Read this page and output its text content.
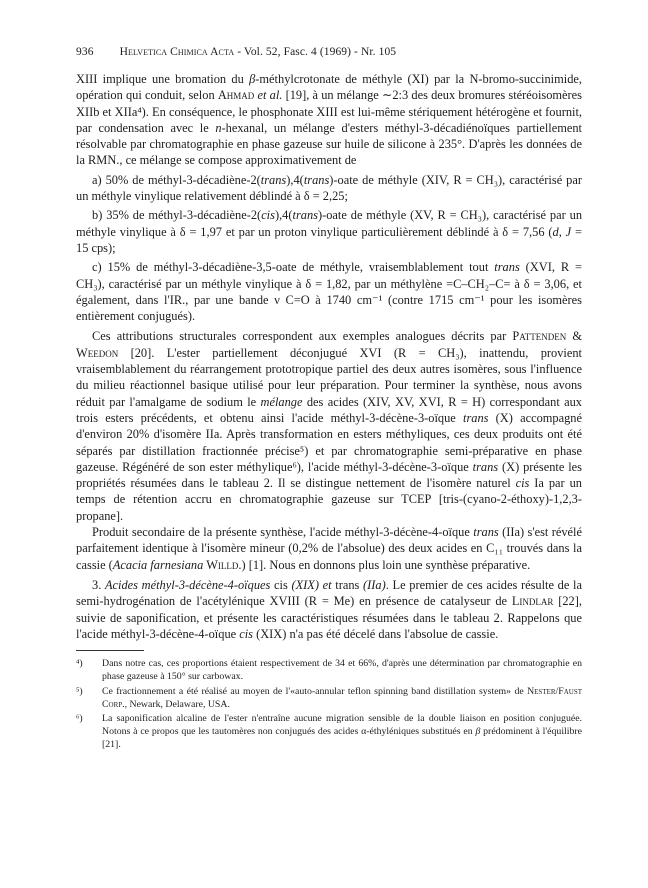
936 Helvetica Chimica Acta - Vol. 52, Fasc. 4 (1969) - Nr. 105

XIII implique une bromation du β-méthylcrotonate de méthyle (XI) par la N-bromo-succinimide, opération qui conduit, selon Ahmad et al. [19], à un mélange ∼2:3 des deux bromures stéréoisomères XIIb et XIIa⁴). En conséquence, le phosphonate XIII est lui-même stériquement hétérogène et fournit, par condensation avec le n-hexanal, un mélange d'esters méthyl-3-décadiénoïques partiellement résolvable par chromatographie en phase gazeuse sur huile de silicone à 235°. D'après les données de la RMN., ce mélange se compose approximativement de

a) 50% de méthyl-3-décadiène-2(trans),4(trans)-oate de méthyle (XIV, R = CH₃), caractérisé par un méthyle vinylique relativement déblindé à δ = 2,25;

b) 35% de méthyl-3-décadiène-2(cis),4(trans)-oate de méthyle (XV, R = CH₃), caractérisé par un méthyle vinylique à δ = 1,97 et par un proton vinylique particulièrement déblindé à δ = 7,56 (d, J = 15 cps);

c) 15% de méthyl-3-décadiène-3,5-oate de méthyle, vraisemblablement tout trans (XVI, R = CH₃), caractérisé par un méthyle vinylique à δ = 1,82, par un méthylène =C–CH₂–C= à δ = 3,06, et également, dans l'IR., par une bande ν C=O à 1740 cm⁻¹ (contre 1715 cm⁻¹ pour les isomères entièrement conjugués).

Ces attributions structurales correspondent aux exemples analogues décrits par Pattenden & Weedon [20]. L'ester partiellement déconjugué XVI (R = CH₃), inattendu, provient vraisemblablement du réarrangement prototropique partiel des deux autres isomères, sous l'influence du milieu réactionnel basique utilisé pour leur préparation. Pour terminer la synthèse, nous avons réduit par l'amalgame de sodium le mélange des acides (XIV, XV, XVI, R = H) correspondant aux trois esters précédents, et obtenu ainsi l'acide méthyl-3-décène-3-oïque trans (X) accompagné d'environ 20% d'isomère IIa. Après transformation en esters méthyliques, ces deux produits ont été séparés par distillation fractionnée précise⁵) et par chromatographie semi-préparative en phase gazeuse. Régénéré de son ester méthylique⁶), l'acide méthyl-3-décène-3-oïque trans (X) présente les propriétés résumées dans le tableau 2. Il se distingue nettement de l'isomère naturel cis Ia par un temps de rétention accru en chromatographie gazeuse sur TCEP [tris-(cyano-2-éthoxy)-1,2,3-propane].

Produit secondaire de la présente synthèse, l'acide méthyl-3-décène-4-oïque trans (IIa) s'est révélé parfaitement identique à l'isomère mineur (0,2% de l'absolue) des deux acides en C₁₁ trouvés dans la cassie (Acacia farnesiana Willd.) [1]. Nous en donnons plus loin une synthèse préparative.

3. Acides méthyl-3-décène-4-oïques cis (XIX) et trans (IIa). Le premier de ces acides résulte de la semi-hydrogénation de l'acétylénique XVIII (R = Me) en présence de catalyseur de Lindlar [22], suivie de saponification, et présente les caractéristiques résumées dans le tableau 2. Rappelons que l'acide méthyl-3-décène-4-oïque cis (XIX) n'a pas été décelé dans l'absolue de cassie.

⁴)	Dans notre cas, ces proportions étaient respectivement de 34 et 66%, d'après une détermination par chromatographie en phase gazeuse à 150° sur carbowax.
⁵)	Ce fractionnement a été réalisé au moyen de l'«auto-annular teflon spinning band distillation system» de Nester/Faust Corp., Newark, Delaware, USA.
⁶)	La saponification alcaline de l'ester n'entraîne aucune migration sensible de la double liaison en position conjuguée. Notons à ce propos que les tautomères non conjugués des acides α-éthyléniques substitués en β prédominent à l'équilibre [21].
